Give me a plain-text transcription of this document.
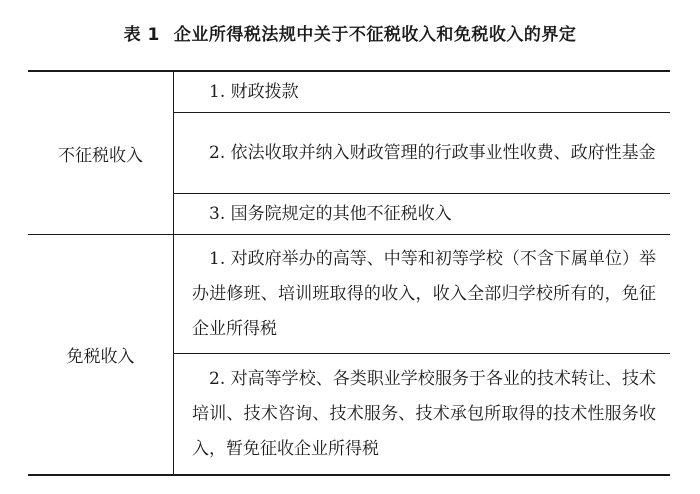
表 1 企业所得税法规中关于不征税收入和免税收入的界定
不征税收入	1. 财政拨款

	2. 依法收取并纳入财政管理的行政事业性收费、政府性基金

	3. 国务院规定的其他不征税收入

免税收入	1. 对政府举办的高等、中等和初等学校（不含下属单位）举办进修班、培训班取得的收入，收入全部归学校所有的，免征企业所得税

	2. 对高等学校、各类职业学校服务于各业的技术转让、技术培训、技术咨询、技术服务、技术承包所取得的技术性服务收入，暂免征收企业所得税
